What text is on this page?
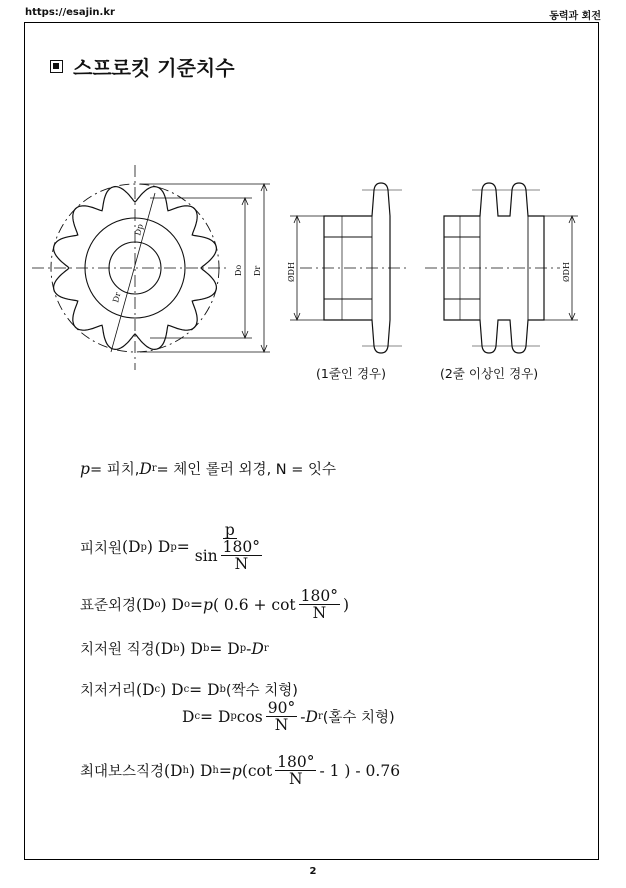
https://esajin.kr	동력과 회전
스프로킷 기준치수
Dp
Dr
Do Dr	ØDH	ØDH
(1줄인 경우)	(2줄 이상인 경우)
p = 피치, D r = 체인 롤러 외경, N = 잇수
피치원 (D p )
D $p = \frac{p}{\sin \frac{180^\circ}{N}}$
표준외경 (D o )
D o = p ( $0.6 + \cot \frac{180^\circ}{N}$ )
치저원 직경 (D b )
D b = D p - D r
치저거리 (D c )
D c = D b (짝수 치형)
D c = D p $\cos \frac{90^\circ}{N}$ - D r (홀수 치형)
최대보스직경 (D h )
D h = p ($\cot \frac{180^\circ}{N} - 1$ ) - 0.76
2
